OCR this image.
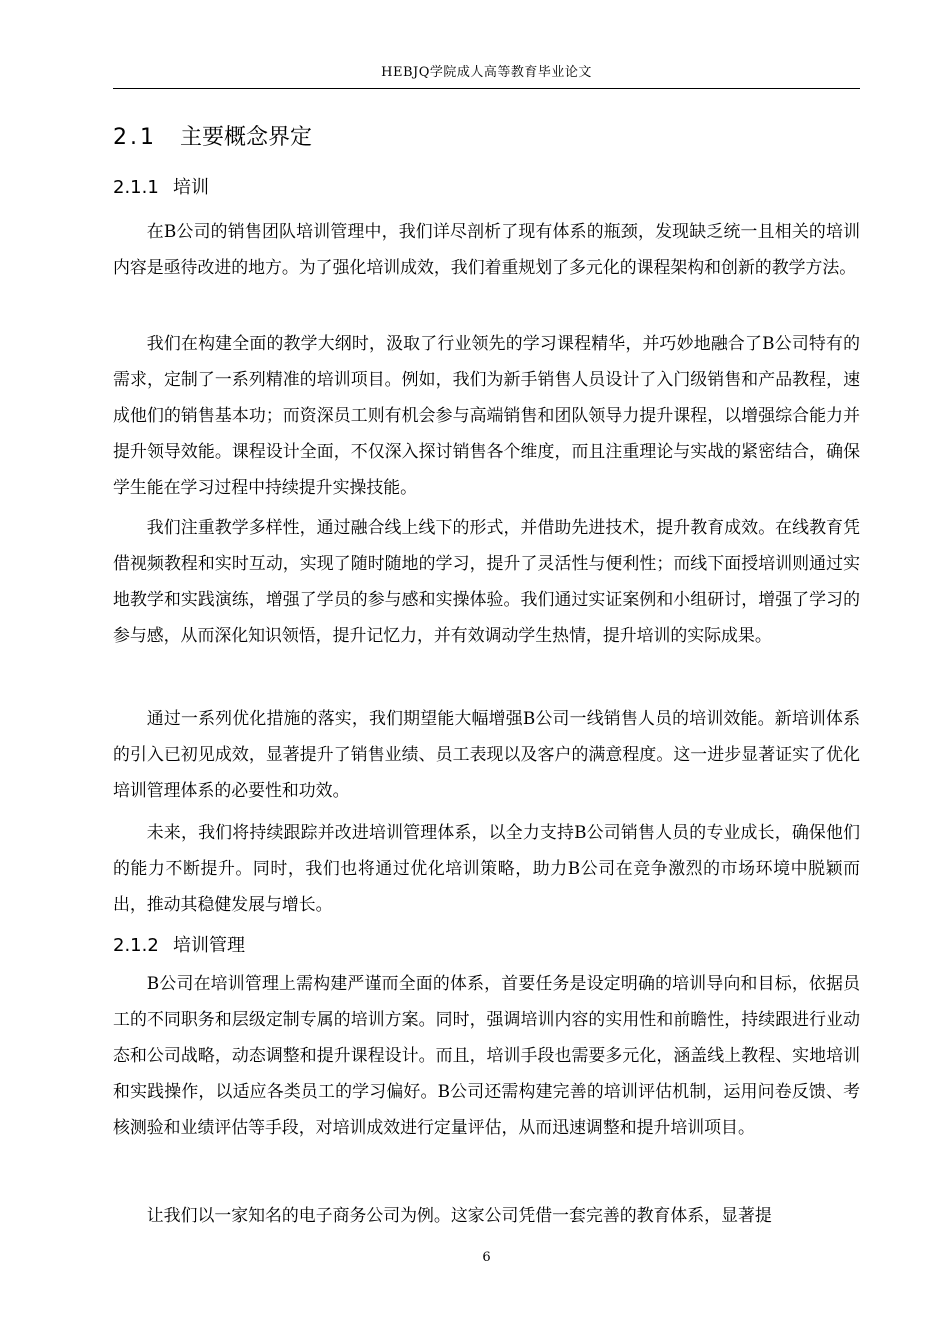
HEBJQ学院成人高等教育毕业论文
2.1 主要概念界定
2.1.1 培训

在B公司的销售团队培训管理中，我们详尽剖析了现有体系的瓶颈，发现缺乏统一且相关的培训内容是亟待改进的地方。为了强化培训成效，我们着重规划了多元化的课程架构和创新的教学方法。

我们在构建全面的教学大纲时，汲取了行业领先的学习课程精华，并巧妙地融合了B公司特有的需求，定制了一系列精准的培训项目。例如，我们为新手销售人员设计了入门级销售和产品教程，速成他们的销售基本功；而资深员工则有机会参与高端销售和团队领导力提升课程，以增强综合能力并提升领导效能。课程设计全面，不仅深入探讨销售各个维度，而且注重理论与实战的紧密结合，确保学生能在学习过程中持续提升实操技能。

我们注重教学多样性，通过融合线上线下的形式，并借助先进技术，提升教育成效。在线教育凭借视频教程和实时互动，实现了随时随地的学习，提升了灵活性与便利性；而线下面授培训则通过实地教学和实践演练，增强了学员的参与感和实操体验。我们通过实证案例和小组研讨，增强了学习的参与感，从而深化知识领悟，提升记忆力，并有效调动学生热情，提升培训的实际成果。

通过一系列优化措施的落实，我们期望能大幅增强B公司一线销售人员的培训效能。新培训体系的引入已初见成效，显著提升了销售业绩、员工表现以及客户的满意程度。这一进步显著证实了优化培训管理体系的必要性和功效。

未来，我们将持续跟踪并改进培训管理体系，以全力支持B公司销售人员的专业成长，确保他们的能力不断提升。同时，我们也将通过优化培训策略，助力B公司在竞争激烈的市场环境中脱颖而出，推动其稳健发展与增长。

2.1.2 培训管理

B公司在培训管理上需构建严谨而全面的体系，首要任务是设定明确的培训导向和目标，依据员工的不同职务和层级定制专属的培训方案。同时，强调培训内容的实用性和前瞻性，持续跟进行业动态和公司战略，动态调整和提升课程设计。而且，培训手段也需要多元化，涵盖线上教程、实地培训和实践操作，以适应各类员工的学习偏好。B公司还需构建完善的培训评估机制，运用问卷反馈、考核测验和业绩评估等手段，对培训成效进行定量评估，从而迅速调整和提升培训项目。

让我们以一家知名的电子商务公司为例。这家公司凭借一套完善的教育体系，显著提

6
